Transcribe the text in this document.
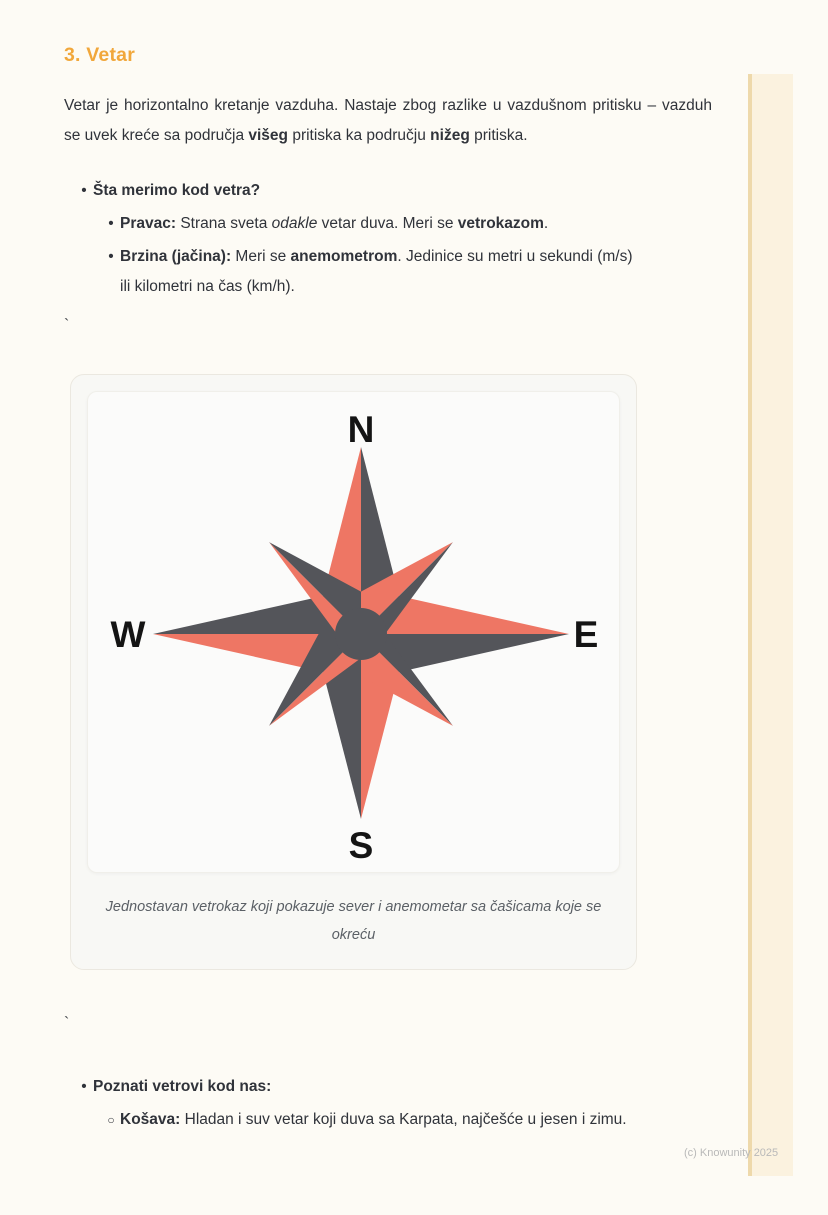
3. Vetar

Vetar je horizontalno kretanje vazduha. Nastaje zbog razlike u vazdušnom pritisku – vazduh se uvek kreće sa područja višeg pritiska ka području nižeg pritiska.

• Šta merimo kod vetra?
• Pravac: Strana sveta odakle vetar duva. Meri se vetrokazom.
• Brzina (jačina): Meri se anemometrom. Jedinice su metri u sekundi (m/s) ili kilometri na čas (km/h).
`
N
E
S
W
Jednostavan vetrokaz koji pokazuje sever i anemometar sa čašicama koje se okreću
`
• Poznati vetrovi kod nas:
○ Košava: Hladan i suv vetar koji duva sa Karpata, najčešće u jesen i zimu.
(c) Knowunity 2025
